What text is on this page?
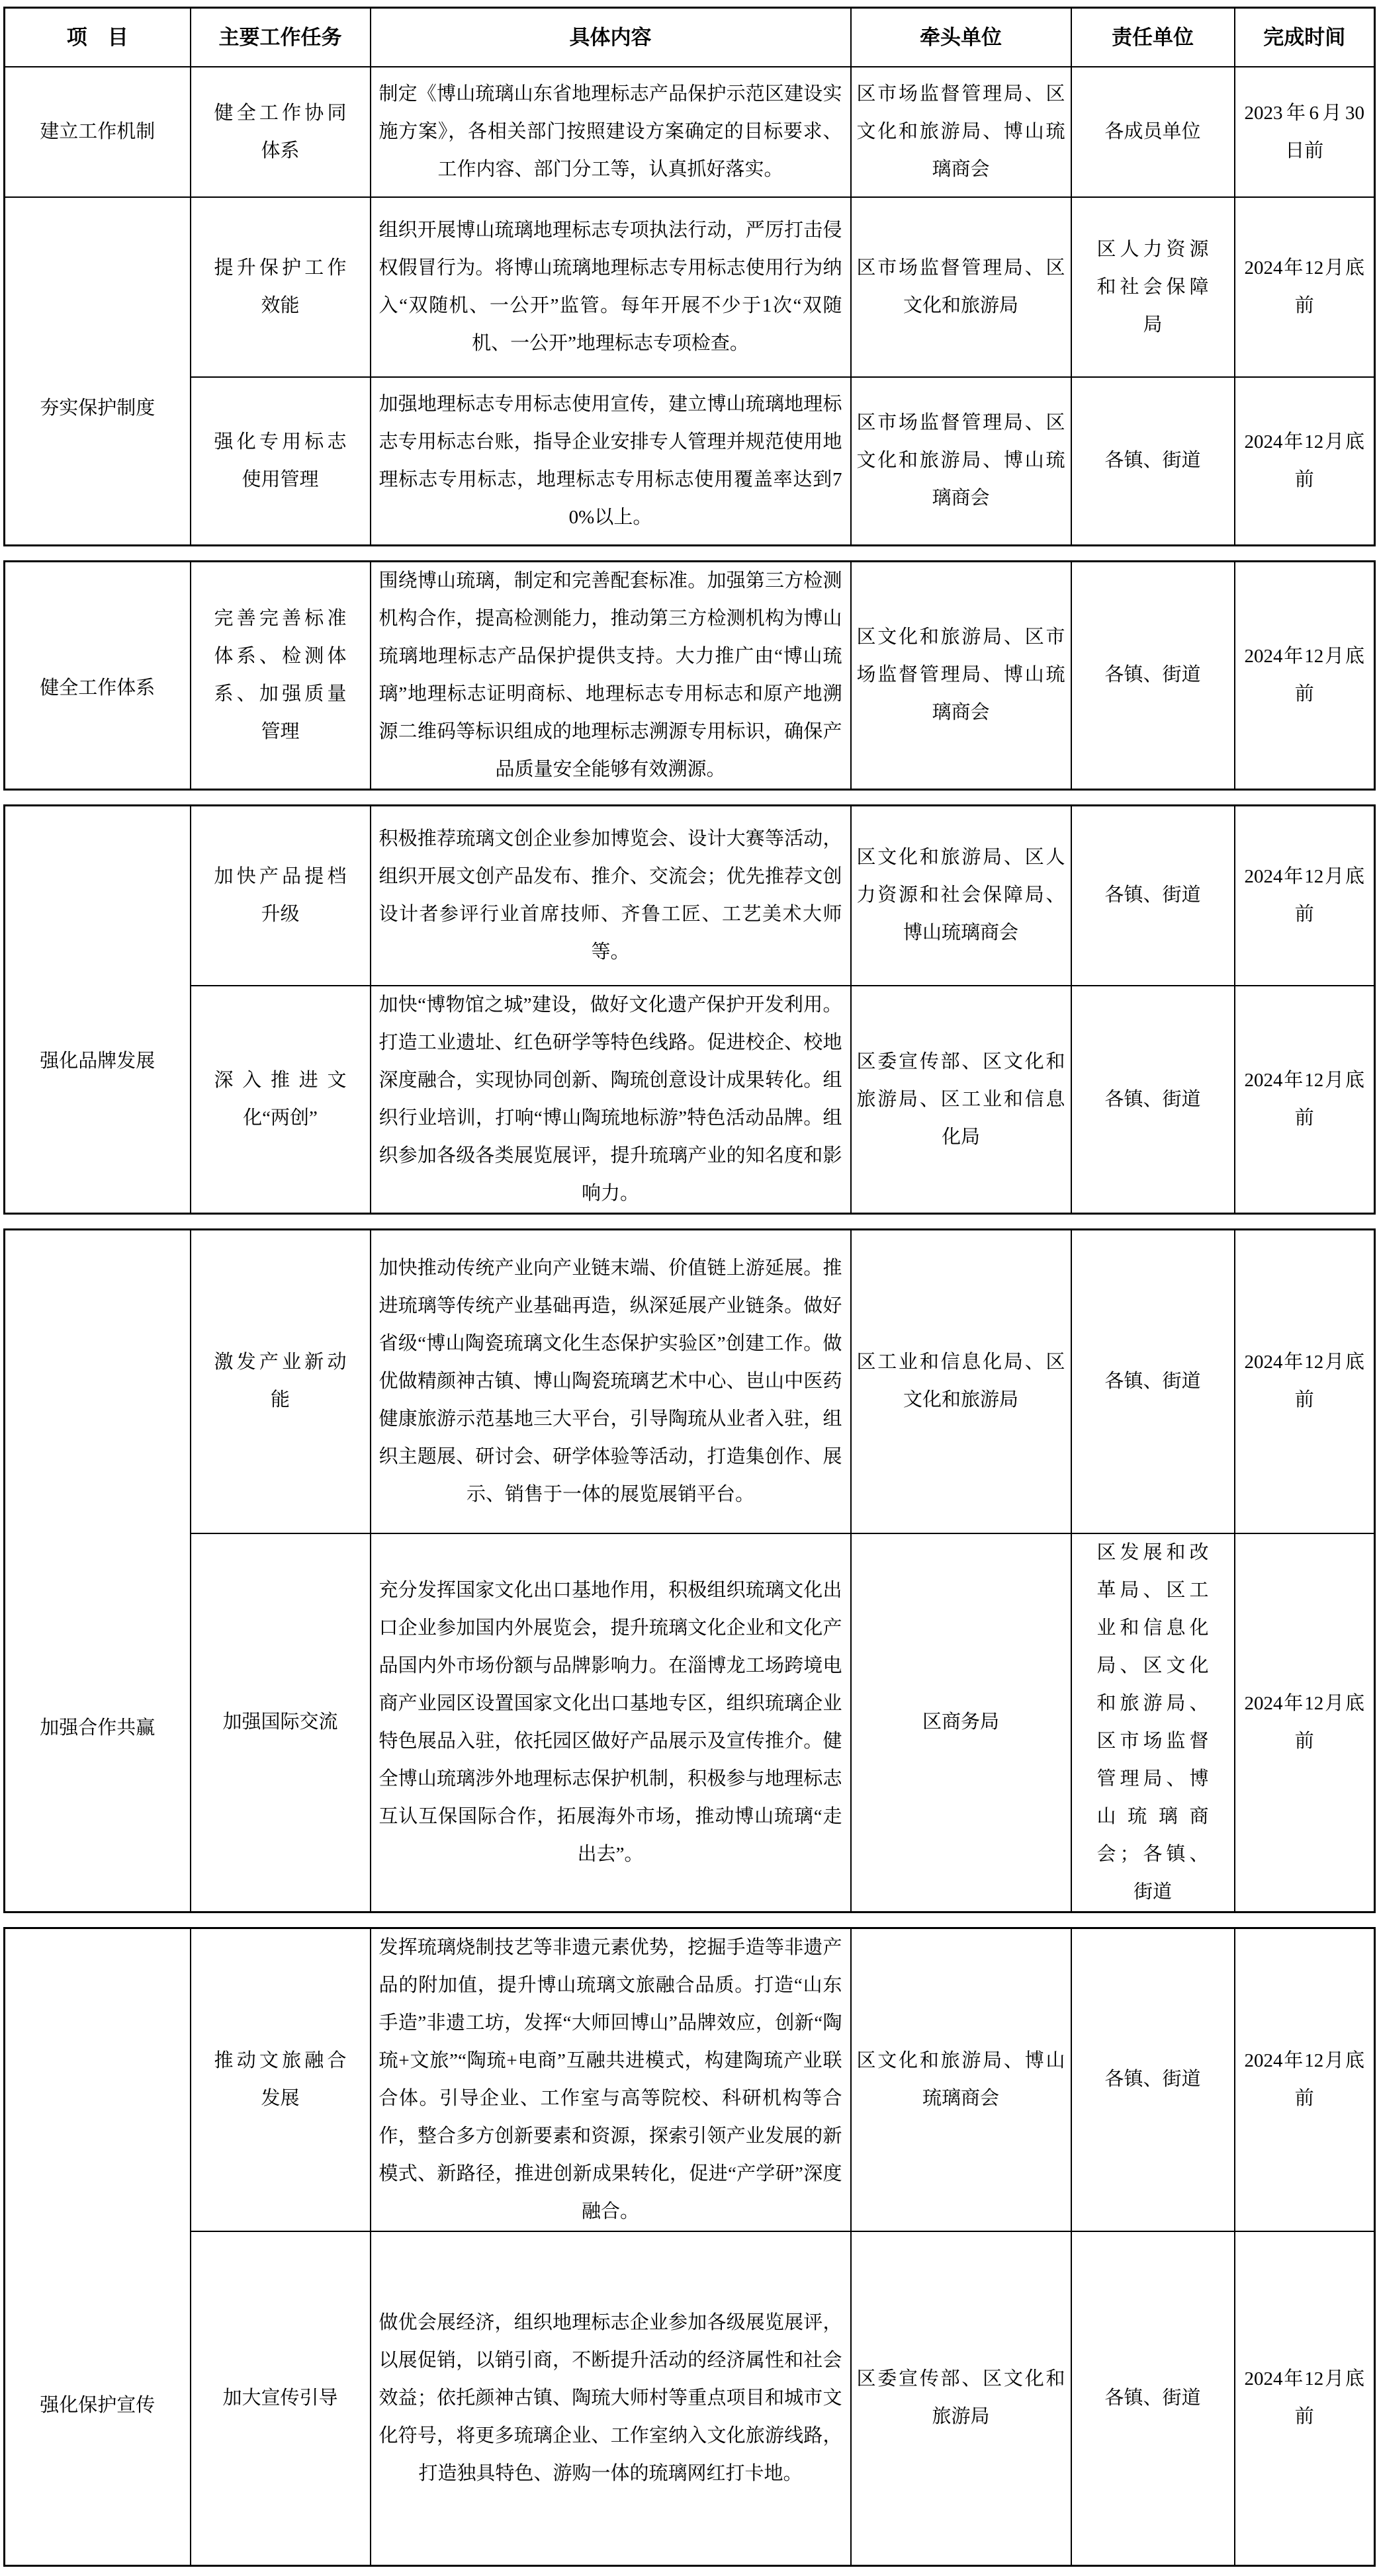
项　目	主要工作任务	具体内容	牵头单位	责任单位	完成时间
建立工作机制	健全工作协同体系	制定《博山琉璃山东省地理标志产品保护示范区建设实施方案》，各相关部门按照建设方案确定的目标要求、工作内容、部门分工等，认真抓好落实。	区市场监督管理局、区文化和旅游局、博山琉璃商会	各成员单位	2023年6月30日前
夯实保护制度	提升保护工作效能	组织开展博山琉璃地理标志专项执法行动，严厉打击侵权假冒行为。将博山琉璃地理标志专用标志使用行为纳入“双随机、一公开”监管。每年开展不少于1次“双随机、一公开”地理标志专项检查。	区市场监督管理局、区文化和旅游局	区人力资源和社会保障局	2024年12月底前
	强化专用标志使用管理	加强地理标志专用标志使用宣传，建立博山琉璃地理标志专用标志台账，指导企业安排专人管理并规范使用地理标志专用标志，地理标志专用标志使用覆盖率达到70%以上。	区市场监督管理局、区文化和旅游局、博山琉璃商会	各镇、街道	2024年12月底前
健全工作体系	完善完善标准体系、检测体系、加强质量管理	围绕博山琉璃，制定和完善配套标准。加强第三方检测机构合作，提高检测能力，推动第三方检测机构为博山琉璃地理标志产品保护提供支持。大力推广由“博山琉璃”地理标志证明商标、地理标志专用标志和原产地溯源二维码等标识组成的地理标志溯源专用标识，确保产品质量安全能够有效溯源。	区文化和旅游局、区市场监督管理局、博山琉璃商会	各镇、街道	2024年12月底前
强化品牌发展	加快产品提档升级	积极推荐琉璃文创企业参加博览会、设计大赛等活动，组织开展文创产品发布、推介、交流会；优先推荐文创设计者参评行业首席技师、齐鲁工匠、工艺美术大师等。	区文化和旅游局、区人力资源和社会保障局、博山琉璃商会	各镇、街道	2024年12月底前
	深入推进文化“两创”	加快“博物馆之城”建设，做好文化遗产保护开发利用。打造工业遗址、红色研学等特色线路。促进校企、校地深度融合，实现协同创新、陶琉创意设计成果转化。组织行业培训，打响“博山陶琉地标游”特色活动品牌。组织参加各级各类展览展评，提升琉璃产业的知名度和影响力。	区委宣传部、区文化和旅游局、区工业和信息化局	各镇、街道	2024年12月底前
加强合作共赢	激发产业新动能	加快推动传统产业向产业链末端、价值链上游延展。推进琉璃等传统产业基础再造，纵深延展产业链条。做好省级“博山陶瓷琉璃文化生态保护实验区”创建工作。做优做精颜神古镇、博山陶瓷琉璃艺术中心、岜山中医药健康旅游示范基地三大平台，引导陶琉从业者入驻，组织主题展、研讨会、研学体验等活动，打造集创作、展示、销售于一体的展览展销平台。	区工业和信息化局、区文化和旅游局	各镇、街道	2024年12月底前
	加强国际交流	充分发挥国家文化出口基地作用，积极组织琉璃文化出口企业参加国内外展览会，提升琉璃文化企业和文化产品国内外市场份额与品牌影响力。在淄博龙工场跨境电商产业园区设置国家文化出口基地专区，组织琉璃企业特色展品入驻，依托园区做好产品展示及宣传推介。健全博山琉璃涉外地理标志保护机制，积极参与地理标志互认互保国际合作，拓展海外市场，推动博山琉璃“走出去”。	区商务局	区发展和改革局、区工业和信息化局、区文化和旅游局、区市场监督管理局、博山琉璃商会；各镇、街道	2024年12月底前
强化保护宣传	推动文旅融合发展	发挥琉璃烧制技艺等非遗元素优势，挖掘手造等非遗产品的附加值，提升博山琉璃文旅融合品质。打造“山东手造”非遗工坊，发挥“大师回博山”品牌效应，创新“陶琉+文旅”“陶琉+电商”互融共进模式，构建陶琉产业联合体。引导企业、工作室与高等院校、科研机构等合作，整合多方创新要素和资源，探索引领产业发展的新模式、新路径，推进创新成果转化，促进“产学研”深度融合。	区文化和旅游局、博山琉璃商会	各镇、街道	2024年12月底前
	加大宣传引导	做优会展经济，组织地理标志企业参加各级展览展评，以展促销，以销引商，不断提升活动的经济属性和社会效益；依托颜神古镇、陶琉大师村等重点项目和城市文化符号，将更多琉璃企业、工作室纳入文化旅游线路，打造独具特色、游购一体的琉璃网红打卡地。	区委宣传部、区文化和旅游局	各镇、街道	2024年12月底前
